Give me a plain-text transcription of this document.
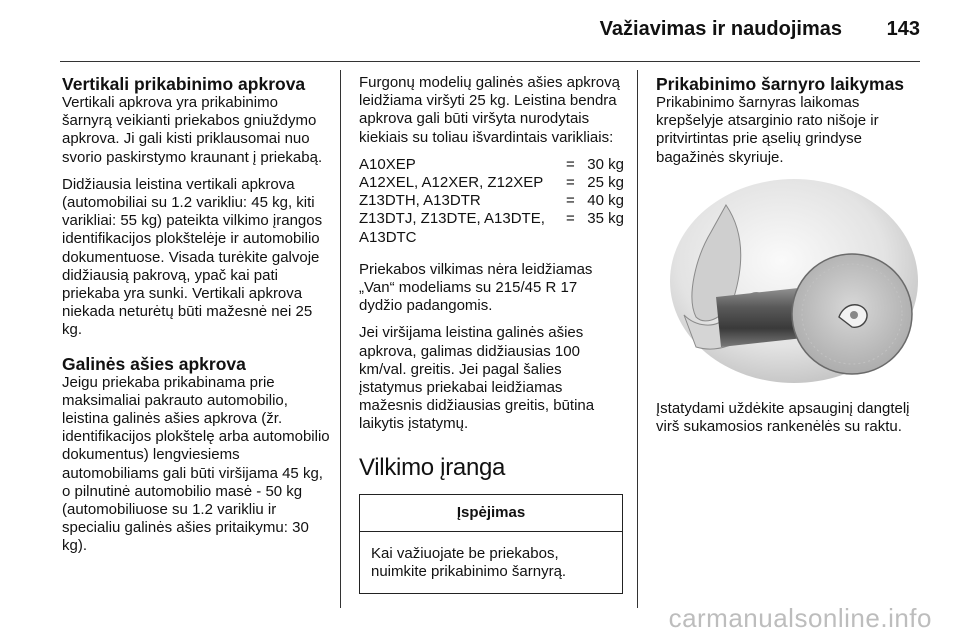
Važiavimas ir naudojimas 143
Vertikali prikabinimo apkrova

Vertikali apkrova yra prikabinimo šarnyrą veikianti priekabos gniuždymo apkrova. Ji gali kisti priklausomai nuo svorio paskirstymo kraunant į priekabą.

Didžiausia leistina vertikali apkrova (automobiliai su 1.2 varikliu: 45 kg, kiti varikliai: 55 kg) pateikta vilkimo įrangos identifikacijos plokštelėje ir automobilio dokumentuose. Visada turėkite galvoje didžiausią pakrovą, ypač kai pati priekaba yra sunki. Vertikali apkrova niekada neturėtų būti mažesnė nei 25 kg.

Galinės ašies apkrova

Jeigu priekaba prikabinama prie maksimaliai pakrauto automobilio, leistina galinės ašies apkrova (žr. identifikacijos plokštelę arba automobilio dokumentus) lengviesiems automobiliams gali būti viršijama 45 kg, o pilnutinė automobilio masė - 50 kg (automobiliuose su 1.2 varikliu ir specialiu galinės ašies pritaikymu: 30 kg).

Furgonų modelių galinės ašies apkrovą leidžiama viršyti 25 kg. Leistina bendra apkrova gali būti viršyta nurodytais kiekiais su toliau išvardintais varikliais:

A10XEP	=	30 kg
A12XEL, A12XER, Z12XEP	=	25 kg
Z13DTH, A13DTR	=	40 kg
Z13DTJ, Z13DTE, A13DTE, A13DTC	=	35 kg

Priekabos vilkimas nėra leidžiamas „Van“ modeliams su 215/45 R 17 dydžio padangomis.

Jei viršijama leistina galinės ašies apkrova, galimas didžiausias 100 km/val. greitis. Jei pagal šalies įstatymus priekabai leidžiamas mažesnis didžiausias greitis, būtina laikytis įstatymų.

Vilkimo įranga
Įspėjimas
Kai važiuojate be priekabos, nuimkite prikabinimo šarnyrą.
Prikabinimo šarnyro laikymas

Prikabinimo šarnyras laikomas krepšelyje atsarginio rato nišoje ir pritvirtintas prie ąselių grindyse bagažinės skyriuje.

Įstatydami uždėkite apsauginį dangtelį virš sukamosios rankenėlės su raktu.

carmanualsonline.info
